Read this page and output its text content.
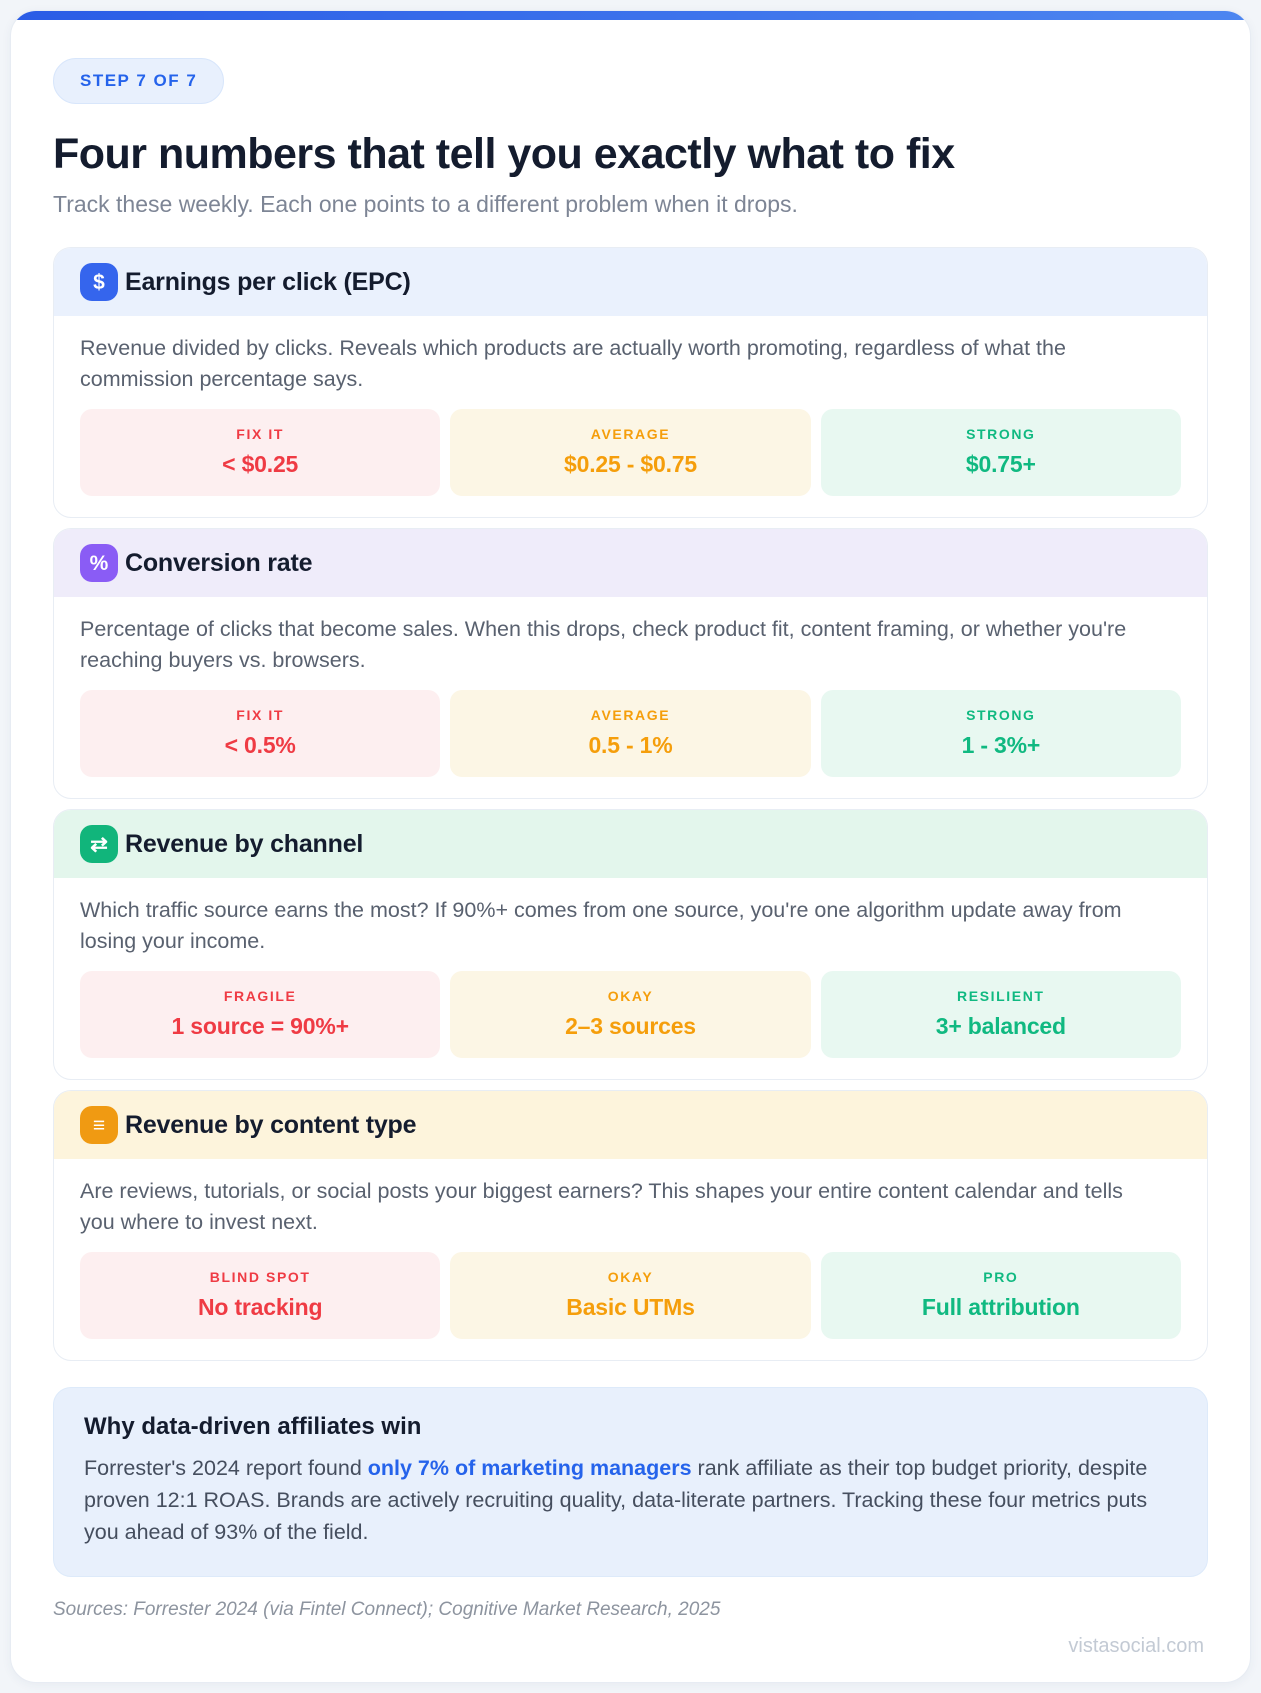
STEP 7 OF 7
Four numbers that tell you exactly what to fix

Track these weekly. Each one points to a different problem when it drops.

$ Earnings per click (EPC)

Revenue divided by clicks. Reveals which products are actually worth promoting, regardless of what the commission percentage says.

FIX IT
< $0.25
AVERAGE
$0.25 - $0.75
STRONG
$0.75+
% Conversion rate

Percentage of clicks that become sales. When this drops, check product fit, content framing, or whether you're reaching buyers vs. browsers.

FIX IT
< 0.5%
AVERAGE
0.5 - 1%
STRONG
1 - 3%+
⇄ Revenue by channel

Which traffic source earns the most? If 90%+ comes from one source, you're one algorithm update away from losing your income.

FRAGILE
1 source = 90%+
OKAY
2–3 sources
RESILIENT
3+ balanced
≡ Revenue by content type

Are reviews, tutorials, or social posts your biggest earners? This shapes your entire content calendar and tells you where to invest next.

BLIND SPOT
No tracking
OKAY
Basic UTMs
PRO
Full attribution
Why data-driven affiliates win

Forrester's 2024 report found only 7% of marketing managers rank affiliate as their top budget priority, despite proven 12:1 ROAS. Brands are actively recruiting quality, data-literate partners. Tracking these four metrics puts you ahead of 93% of the field.

Sources: Forrester 2024 (via Fintel Connect); Cognitive Market Research, 2025

vistasocial.com
